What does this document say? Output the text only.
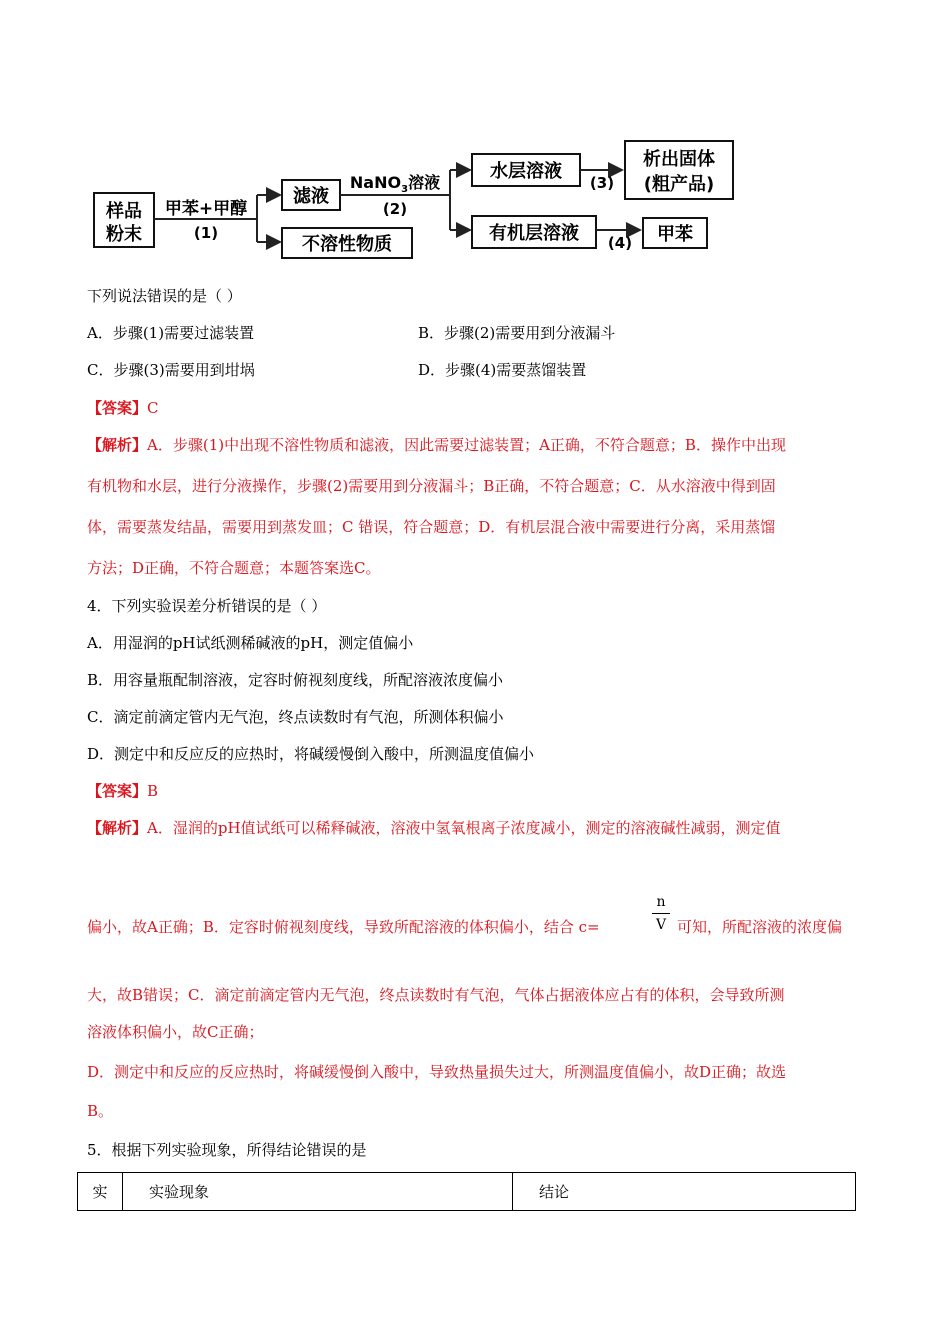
样品
粉末
甲苯+甲醇
(1)
滤液
不溶性物质
NaNO$_3$溶液
(2)
水层溶液
有机层溶液
(3)
析出固体
(粗产品)
(4) 甲苯
下列说法错误的是（ ）
A．步骤(1)需要过滤装置	B．步骤(2)需要用到分液漏斗
C．步骤(3)需要用到坩埚	D．步骤(4)需要蒸馏装置
【答案】C
【解析】A．步骤(1)中出现不溶性物质和滤液，因此需要过滤装置；A正确，不符合题意；B．操作中出现
有机物和水层，进行分液操作，步骤(2)需要用到分液漏斗；B正确，不符合题意；C．从水溶液中得到固
体，需要蒸发结晶，需要用到蒸发皿；C 错误，符合题意；D．有机层混合液中需要进行分离，采用蒸馏
方法；D正确，不符合题意；本题答案选C。
4．下列实验误差分析错误的是（ ）
A．用湿润的pH试纸测稀碱液的pH，测定值偏小
B．用容量瓶配制溶液，定容时俯视刻度线，所配溶液浓度偏小
C．滴定前滴定管内无气泡，终点读数时有气泡，所测体积偏小
D．测定中和反应反的应热时，将碱缓慢倒入酸中，所测温度值偏小
【答案】B
【解析】A．湿润的pH值试纸可以稀释碱液，溶液中氢氧根离子浓度减小，测定的溶液碱性减弱，测定值
偏小，故A正确；B．定容时俯视刻度线，导致所配溶液的体积偏小，结合 c=
n
V 可知，所配溶液的浓度偏
大，故B错误；C．滴定前滴定管内无气泡，终点读数时有气泡，气体占据液体应占有的体积，会导致所测
溶液体积偏小，故C正确；
D．测定中和反应的反应热时，将碱缓慢倒入酸中，导致热量损失过大，所测温度值偏小，故D正确；故选
B。
5．根据下列实验现象，所得结论错误的是
实	实验现象	结论
